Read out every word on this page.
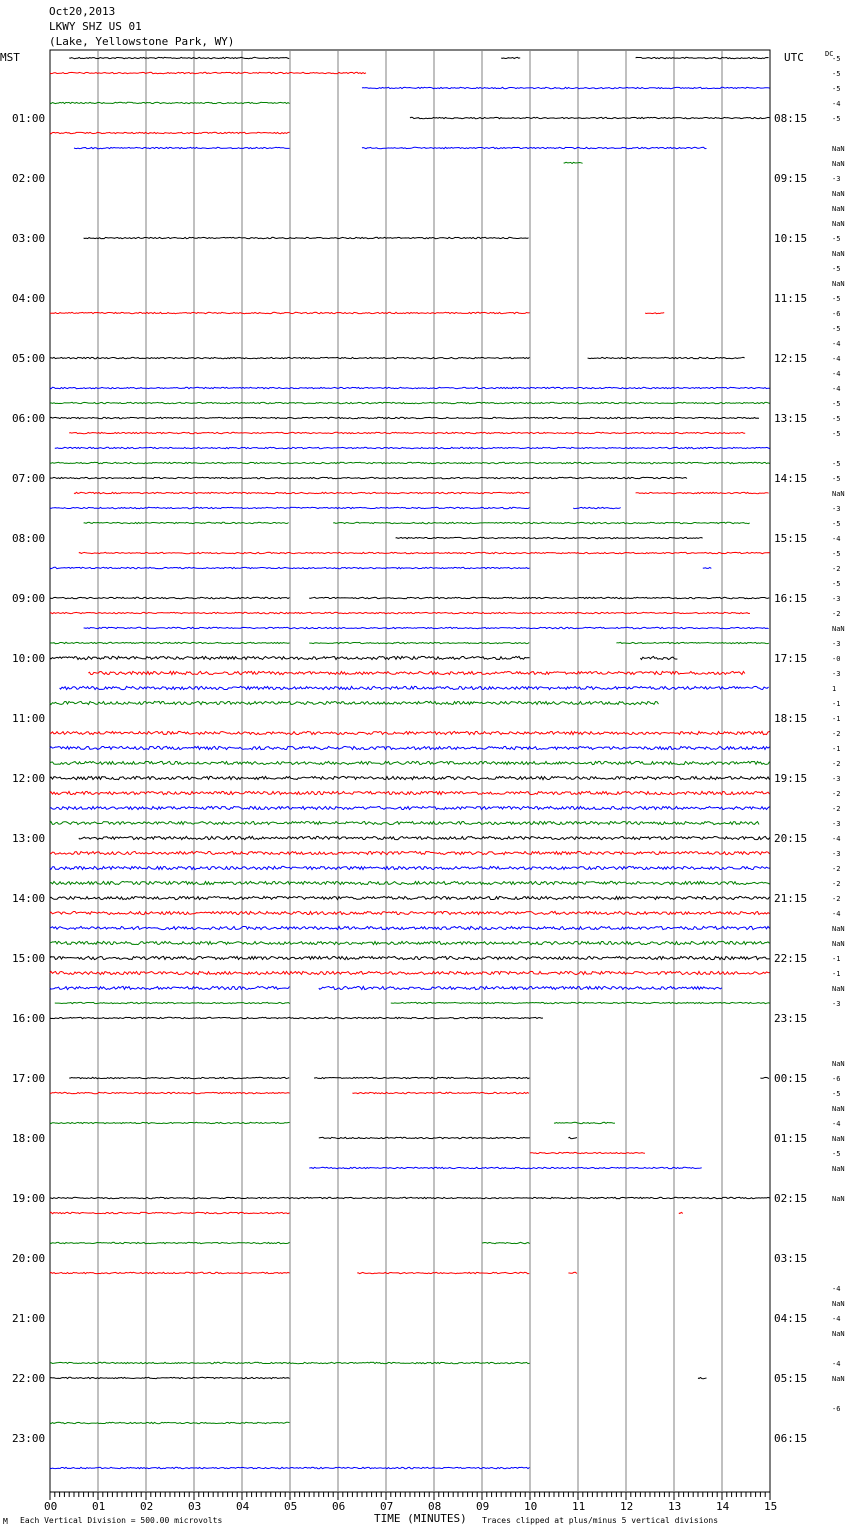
Oct20,2013
LKWY SHZ US 01
(Lake, Yellowstone Park, WY)
MST	UTC	DC
M Each Vertical Division = 500.00 microvolts	TIME (MINUTES) Traces clipped at plus/minus 5 vertical divisions
00	01	02	03	04	05	06	07	08	09	10	11	12	13	14	15
01:00
02:00
03:00
04:00
05:00
06:00
07:00
08:00
09:00
10:00
11:00
12:00
13:00
14:00
15:00
16:00
17:00
18:00
19:00
20:00
21:00
22:00
23:00
08:15
09:15
10:15
11:15
12:15
13:15
14:15
15:15
16:15
17:15
18:15
19:15
20:15
21:15
22:15
23:15
00:15
01:15
02:15
03:15
04:15
05:15
06:15
-5
-5
-5
-4
-5
NaN
NaN
-3
NaN
NaN
NaN
-5
NaN
-5
NaN
-5
-6
-5
-4
-4
-4
-4
-5
-5
-5
-5
-5
NaN
-3
-5
-4
-5
-2
-5
-3
-2
NaN
-3
-0
-3
1
-1
-1
-2
-1
-2
-3
-2
-2
-3
-4
-3
-2
-2
-2
-4
NaN
NaN
-1
-1
NaN
-3
NaN
-6
-5
NaN
-4
NaN
-5
NaN
NaN
-4
NaN
-4
NaN
-4
NaN
-6
